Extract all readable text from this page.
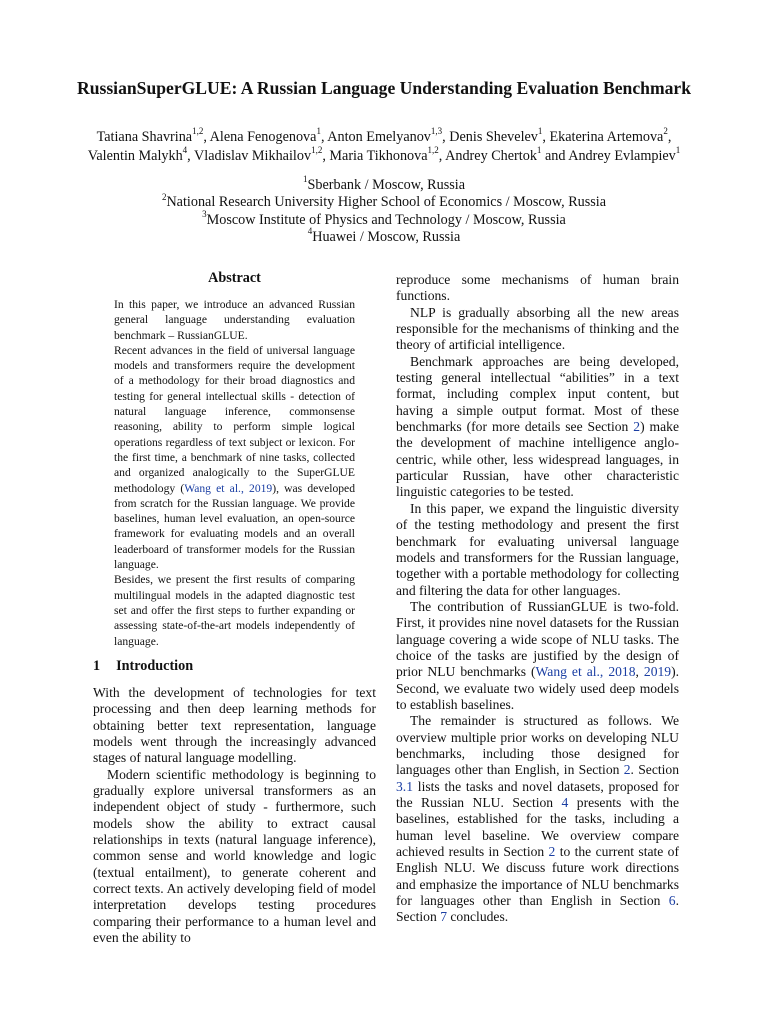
RussianSuperGLUE: A Russian Language Understanding Evaluation Benchmark
Tatiana Shavrina$^{1,2}$, Alena Fenogenova$^1$, Anton Emelyanov$^{1,3}$, Denis Shevelev$^1$, Ekaterina Artemova$^2$,
Valentin Malykh$^4$, Vladislav Mikhailov$^{1,2}$, Maria Tikhonova$^{1,2}$, Andrey Chertok$^1$ and Andrey Evlampiev$^1$
$^1$Sberbank / Moscow, Russia
$^2$National Research University Higher School of Economics / Moscow, Russia
$^3$Moscow Institute of Physics and Technology / Moscow, Russia
$^4$Huawei / Moscow, Russia
Abstract

In this paper, we introduce an advanced Russian general language understanding evaluation benchmark – RussianGLUE.

Recent advances in the field of universal language models and transformers require the development of a methodology for their broad diagnostics and testing for general intellectual skills - detection of natural language inference, commonsense reasoning, ability to perform simple logical operations regardless of text subject or lexicon. For the first time, a benchmark of nine tasks, collected and organized analogically to the SuperGLUE methodology (Wang et al., 2019), was developed from scratch for the Russian language. We provide baselines, human level evaluation, an open-source framework for evaluating models and an overall leaderboard of transformer models for the Russian language.

Besides, we present the first results of comparing multilingual models in the adapted diagnostic test set and offer the first steps to further expanding or assessing state-of-the-art models independently of language.

1 Introduction

With the development of technologies for text processing and then deep learning methods for obtaining better text representation, language models went through the increasingly advanced stages of natural language modelling.

Modern scientific methodology is beginning to gradually explore universal transformers as an independent object of study - furthermore, such models show the ability to extract causal relationships in texts (natural language inference), common sense and world knowledge and logic (textual entailment), to generate coherent and correct texts. An actively developing field of model interpretation develops testing procedures comparing their performance to a human level and even the ability to

reproduce some mechanisms of human brain functions.

NLP is gradually absorbing all the new areas responsible for the mechanisms of thinking and the theory of artificial intelligence.

Benchmark approaches are being developed, testing general intellectual “abilities” in a text format, including complex input content, but having a simple output format. Most of these benchmarks (for more details see Section 2) make the development of machine intelligence anglo-centric, while other, less widespread languages, in particular Russian, have other characteristic linguistic categories to be tested.

In this paper, we expand the linguistic diversity of the testing methodology and present the first benchmark for evaluating universal language models and transformers for the Russian language, together with a portable methodology for collecting and filtering the data for other languages.

The contribution of RussianGLUE is two-fold. First, it provides nine novel datasets for the Russian language covering a wide scope of NLU tasks. The choice of the tasks are justified by the design of prior NLU benchmarks (Wang et al., 2018, 2019). Second, we evaluate two widely used deep models to establish baselines.

The remainder is structured as follows. We overview multiple prior works on developing NLU benchmarks, including those designed for languages other than English, in Section 2. Section 3.1 lists the tasks and novel datasets, proposed for the Russian NLU. Section 4 presents with the baselines, established for the tasks, including a human level baseline. We overview compare achieved results in Section 2 to the current state of English NLU. We discuss future work directions and emphasize the importance of NLU benchmarks for languages other than English in Section 6. Section 7 concludes.
